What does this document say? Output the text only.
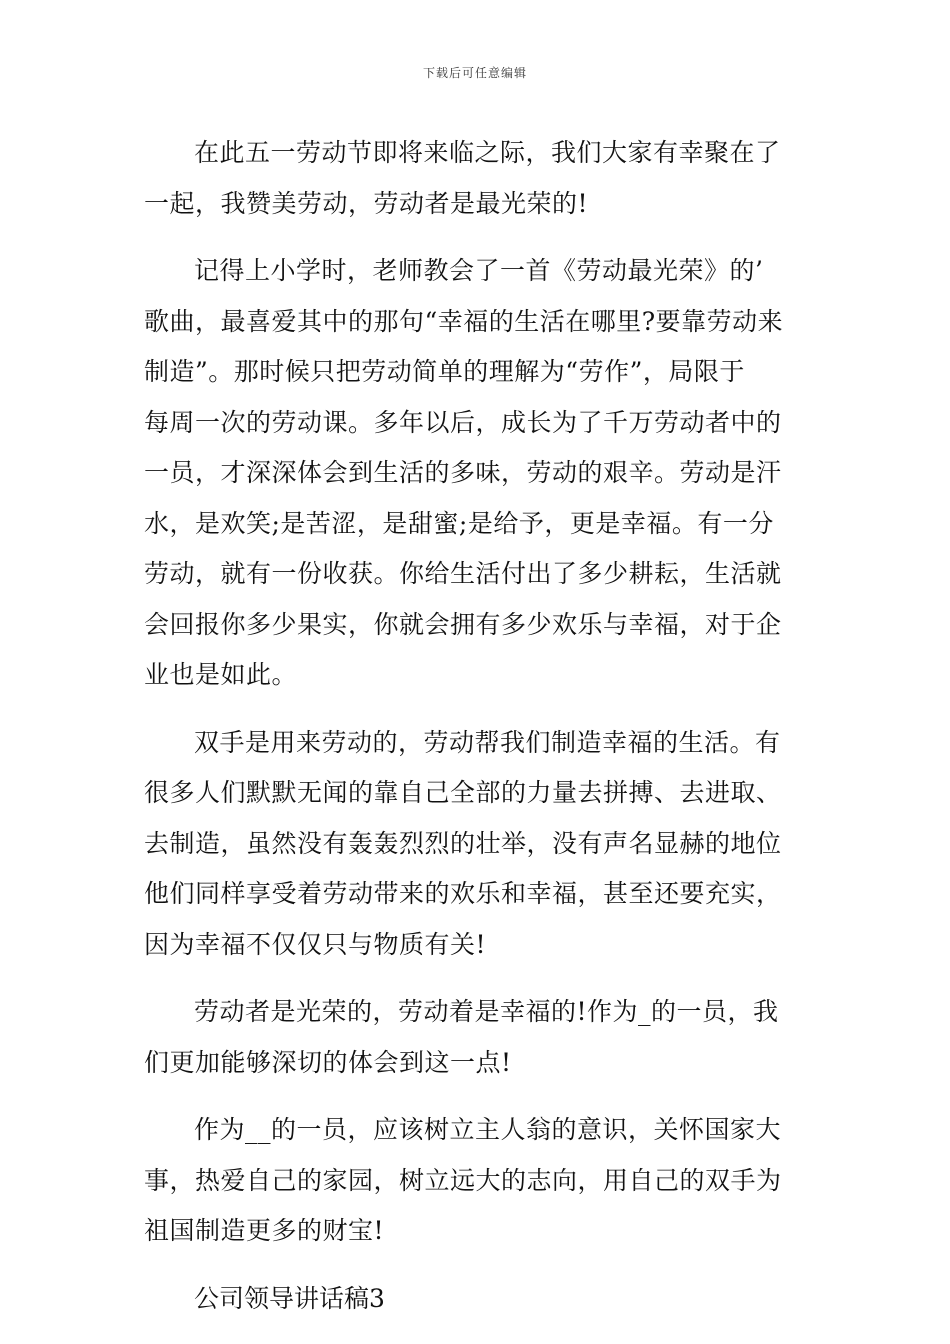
下载后可任意编辑
在此五一劳动节即将来临之际，我们大家有幸聚在了
一起，我赞美劳动，劳动者是最光荣的!
记得上小学时，老师教会了一首《劳动最光荣》的’
歌曲，最喜爱其中的那句“幸福的生活在哪里?要靠劳动来
制造”。那时候只把劳动简单的理解为“劳作”，局限于
每周一次的劳动课。多年以后，成长为了千万劳动者中的
一员，才深深体会到生活的多味，劳动的艰辛。劳动是汗
水，是欢笑;是苦涩，是甜蜜;是给予，更是幸福。有一分
劳动，就有一份收获。你给生活付出了多少耕耘，生活就
会回报你多少果实，你就会拥有多少欢乐与幸福，对于企
业也是如此。
双手是用来劳动的，劳动帮我们制造幸福的生活。有
很多人们默默无闻的靠自己全部的力量去拼搏、去进取、
去制造，虽然没有轰轰烈烈的壮举，没有声名显赫的地位
他们同样享受着劳动带来的欢乐和幸福，甚至还要充实，
因为幸福不仅仅只与物质有关!
劳动者是光荣的，劳动着是幸福的!作为_的一员，我
们更加能够深切的体会到这一点!
作为__的一员，应该树立主人翁的意识，关怀国家大
事，热爱自己的家园，树立远大的志向，用自己的双手为
祖国制造更多的财宝!
公司领导讲话稿3
